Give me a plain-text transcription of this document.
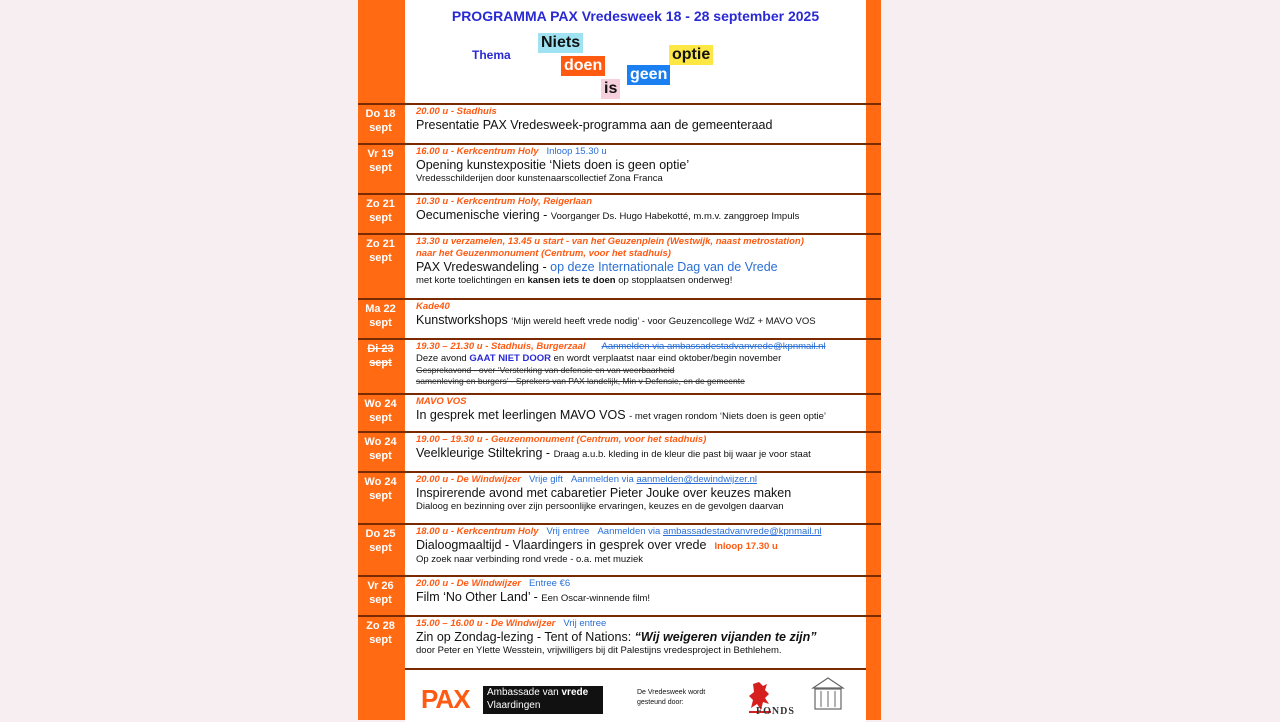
PROGRAMMA PAX Vredesweek 18 - 28 september 2025
Thema
Niets
doen
is
geen
optie
Do 18
sept
20.00 u - Stadhuis
Presentatie PAX Vredesweek-programma aan de gemeenteraad
Vr 19
sept
16.00 u - Kerkcentrum Holy Inloop 15.30 u
Opening kunstexpositie ‘Niets doen is geen optie’
Vredesschilderijen door kunstenaarscollectief Zona Franca
Zo 21
sept
10.30 u - Kerkcentrum Holy, Reigerlaan
Oecumenische viering - Voorganger Ds. Hugo Habekotté, m.m.v. zanggroep Impuls
Zo 21
sept
13.30 u verzamelen, 13.45 u start - van het Geuzenplein (Westwijk, naast metrostation)
naar het Geuzenmonument (Centrum, voor het stadhuis)
PAX Vredeswandeling - op deze Internationale Dag van de Vrede
met korte toelichtingen en kansen iets te doen op stopplaatsen onderweg!
Ma 22
sept
Kade40
Kunstworkshops ‘Mijn wereld heeft vrede nodig’ - voor Geuzencollege WdZ + MAVO VOS
Di 23
sept
19.30 – 21.30 u - Stadhuis, Burgerzaal Aanmelden via ambassadestadvanvrede@kpnmail.nl
Deze avond GAAT NIET DOOR en wordt verplaatst naar eind oktober/begin november
Gesprekavond - over ‘Versterking van defensie en van weerbaarheid
samenleving en burgers’ - Sprekers van PAX landelijk, Min v Defensie, en de gemeente
Wo 24
sept
MAVO VOS
In gesprek met leerlingen MAVO VOS - met vragen rondom ‘Niets doen is geen optie’
Wo 24
sept
19.00 – 19.30 u - Geuzenmonument (Centrum, voor het stadhuis)
Veelkleurige Stiltekring - Draag a.u.b. kleding in de kleur die past bij waar je voor staat
Wo 24
sept
20.00 u - De Windwijzer Vrije gift Aanmelden via aanmelden@dewindwijzer.nl
Inspirerende avond met cabaretier Pieter Jouke over keuzes maken
Dialoog en bezinning over zijn persoonlijke ervaringen, keuzes en de gevolgen daarvan
Do 25
sept
18.00 u - Kerkcentrum Holy Vrij entree Aanmelden via ambassadestadvanvrede@kpnmail.nl
Dialoogmaaltijd - Vlaardingers in gesprek over vrede Inloop 17.30 u
Op zoek naar verbinding rond vrede - o.a. met muziek
Vr 26
sept
20.00 u - De Windwijzer Entree €6
Film ‘No Other Land’ - Een Oscar-winnende film!
Zo 28
sept
15.00 – 16.00 u - De Windwijzer Vrij entree
Zin op Zondag-lezing - Tent of Nations: “Wij weigeren vijanden te zijn”
door Peter en Ylette Wesstein, vrijwilligers bij dit Palestijns vredesproject in Bethlehem.
PAX	Ambassade van vrede
Vlaardingen
De Vredesweek wordt
gesteund door:
FONDS
